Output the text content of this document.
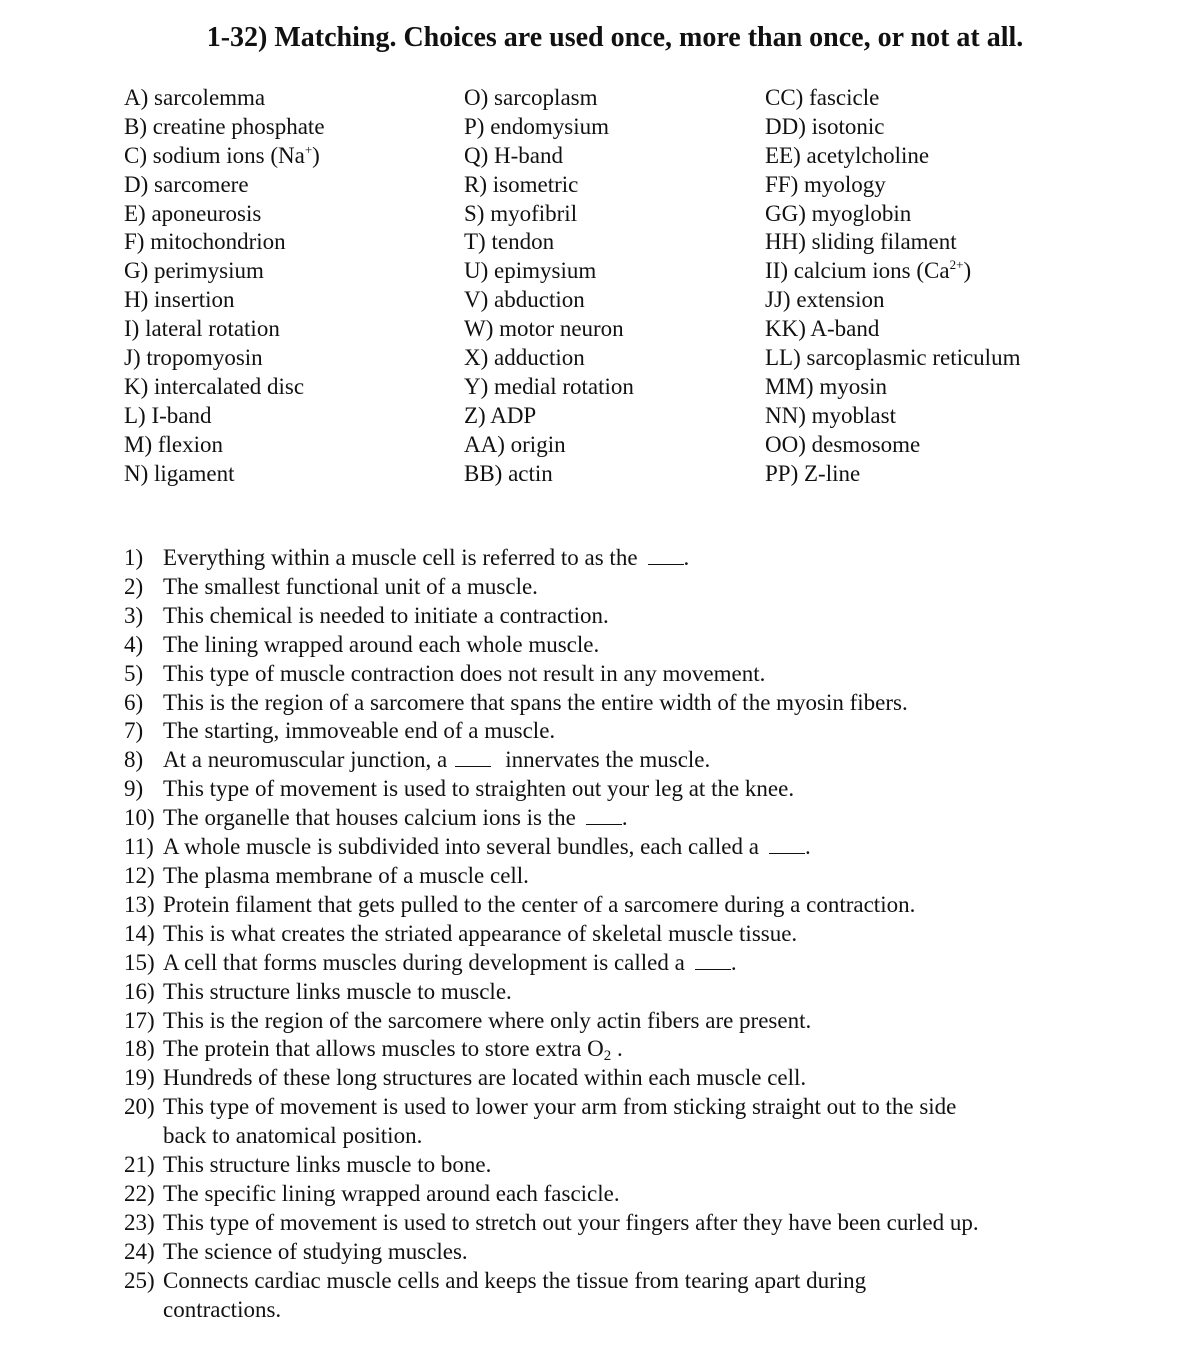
1-32) Matching. Choices are used once, more than once, or not at all.
A) sarcolemma
B) creatine phosphate
C) sodium ions (Na+)
D) sarcomere
E) aponeurosis
F) mitochondrion
G) perimysium
H) insertion
I) lateral rotation
J) tropomyosin
K) intercalated disc
L) I-band
M) flexion
N) ligament
O) sarcoplasm
P) endomysium
Q) H-band
R) isometric
S) myofibril
T) tendon
U) epimysium
V) abduction
W) motor neuron
X) adduction
Y) medial rotation
Z) ADP
AA) origin
BB) actin
CC) fascicle
DD) isotonic
EE) acetylcholine
FF) myology
GG) myoglobin
HH) sliding filament
II) calcium ions $(Ca^{2+})$
JJ) extension
KK) A-band
LL) sarcoplasmic reticulum
MM) myosin
NN) myoblast
OO) desmosome
PP) Z-line
1) Everything within a muscle cell is referred to as the .
2) The smallest functional unit of a muscle.
3) This chemical is needed to initiate a contraction.
4) The lining wrapped around each whole muscle.
5) This type of muscle contraction does not result in any movement.
6) This is the region of a sarcomere that spans the entire width of the myosin fibers.
7) The starting, immoveable end of a muscle.
8) At a neuromuscular junction, a	innervates the muscle.
9) This type of movement is used to straighten out your leg at the knee.
10) The organelle that houses calcium ions is the .
11) A whole muscle is subdivided into several bundles, each called a .
12) The plasma membrane of a muscle cell.
13) Protein filament that gets pulled to the center of a sarcomere during a contraction.
14) This is what creates the striated appearance of skeletal muscle tissue.
15) A cell that forms muscles during development is called a .
16) This structure links muscle to muscle.
17) This is the region of the sarcomere where only actin fibers are present.
18) The protein that allows muscles to store extra $O_2$ .
19) Hundreds of these long structures are located within each muscle cell.
20) This type of movement is used to lower your arm from sticking straight out to the side
back to anatomical position.
21) This structure links muscle to bone.
22) The specific lining wrapped around each fascicle.
23) This type of movement is used to stretch out your fingers after they have been curled up.
24) The science of studying muscles.
25) Connects cardiac muscle cells and keeps the tissue from tearing apart during
contractions.
